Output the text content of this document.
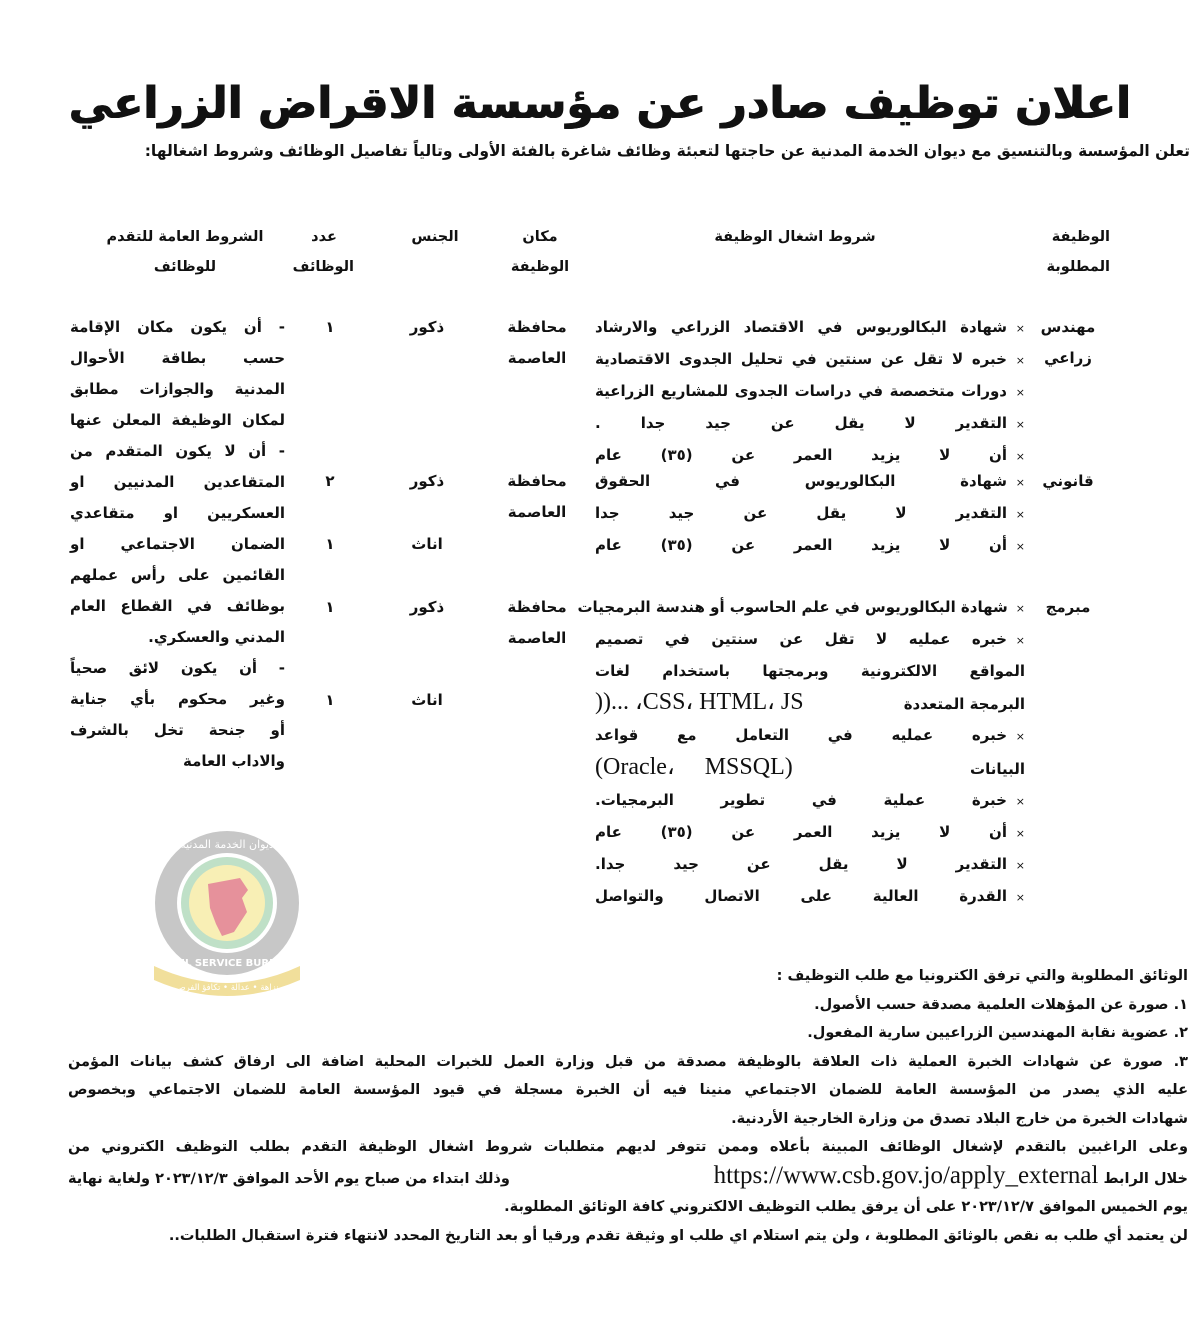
اعلان توظيف صادر عن مؤسسة الاقراض الزراعي

تعلن المؤسسة وبالتنسيق مع ديوان الخدمة المدنية عن حاجتها لتعبئة وظائف شاغرة بالفئة الأولى وتالياً تفاصيل الوظائف وشروط اشغالها:

الوظيفة
المطلوبة
شروط اشغال الوظيفة
مكان
الوظيفة
الجنس
عدد
الوظائف
الشروط العامة للتقدم
للوظائف
مهندس
زراعي
×
شهادة البكالوريوس في الاقتصاد الزراعي والارشاد
×
خبره لا تقل عن سنتين في تحليل الجدوى الاقتصادية
×
دورات متخصصة في دراسات الجدوى للمشاريع الزراعية
×
التقدير لا يقل عن جيد جدا .
×
أن لا يزيد العمر عن (٣٥) عام
محافظة
العاصمة
ذكور
١
قانوني
×
شهادة البكالوريوس في الحقوق
×
التقدير لا يقل عن جيد جدا
×
أن لا يزيد العمر عن (٣٥) عام
محافظة
العاصمة
ذكور
٢
اناث
١
مبرمج
×
شهادة البكالوريوس في علم الحاسوب أو هندسة البرمجيات
×
خبره عمليه لا تقل عن سنتين في تصميم
المواقع الالكترونية وبرمجتها باستخدام لغات
البرمجة المتعددة
CSS، HTML، JS، ...((
×
خبره عمليه في التعامل مع قواعد
البيانات
(Oracle،     MSSQL)
×
خبرة عملية في تطوير البرمجيات.
×
أن لا يزيد العمر عن (٣٥) عام
×
التقدير لا يقل عن جيد جدا.
×
القدرة العالية على الاتصال والتواصل
محافظة
العاصمة
ذكور
١
اناث
١
- أن يكون مكان الإقامة
حسب بطاقة الأحوال
المدنية والجوازات مطابق
لمكان الوظيفة المعلن عنها
- أن لا يكون المتقدم من
المتقاعدين المدنيين او
العسكريين او متقاعدي
الضمان الاجتماعي او
القائمين على رأس عملهم
بوظائف في القطاع العام
المدني والعسكري.
- أن يكون لائق صحياً
وغير محكوم بأي جناية
أو جنحة تخل بالشرف
والاداب العامة
ديوان الخدمة المدنية
CIVIL SERVICE BUREAU
نزاهة • عدالة • تكافؤ الفرص
الوثائق المطلوبة والتي ترفق الكترونيا مع طلب التوظيف :
١. صورة عن المؤهلات العلمية مصدقة حسب الأصول.
٢. عضوية نقابة المهندسين الزراعيين سارية المفعول.
٣. صورة عن شهادات الخبرة العملية ذات العلاقة بالوظيفة مصدقة من قبل وزارة العمل للخبرات المحلية اضافة الى ارفاق كشف بيانات المؤمن
عليه الذي يصدر من المؤسسة العامة للضمان الاجتماعي منينا فيه أن الخبرة مسجلة في قيود المؤسسة العامة للضمان الاجتماعي وبخصوص
شهادات الخبرة من خارج البلاد تصدق من وزارة الخارجية الأردنية.
وعلى الراغبين بالتقدم لإشغال الوظائف المبينة بأعلاه وممن تتوفر لديهم متطلبات شروط اشغال الوظيفة التقدم بطلب التوظيف الكتروني من
خلال الرابط https://www.csb.gov.jo/apply_external
وذلك ابتداء من صباح يوم الأحد الموافق ٢٠٢٣/١٢/٣ ولغاية نهاية
يوم الخميس الموافق ٢٠٢٣/١٢/٧ على أن يرفق يطلب التوظيف الالكتروني كافة الوثائق المطلوبة.
لن يعتمد أي طلب به نقص بالوثائق المطلوبة ، ولن يتم استلام اي طلب او وثيقة تقدم ورقيا أو بعد التاريخ المحدد لانتهاء فترة استقبال الطلبات..
